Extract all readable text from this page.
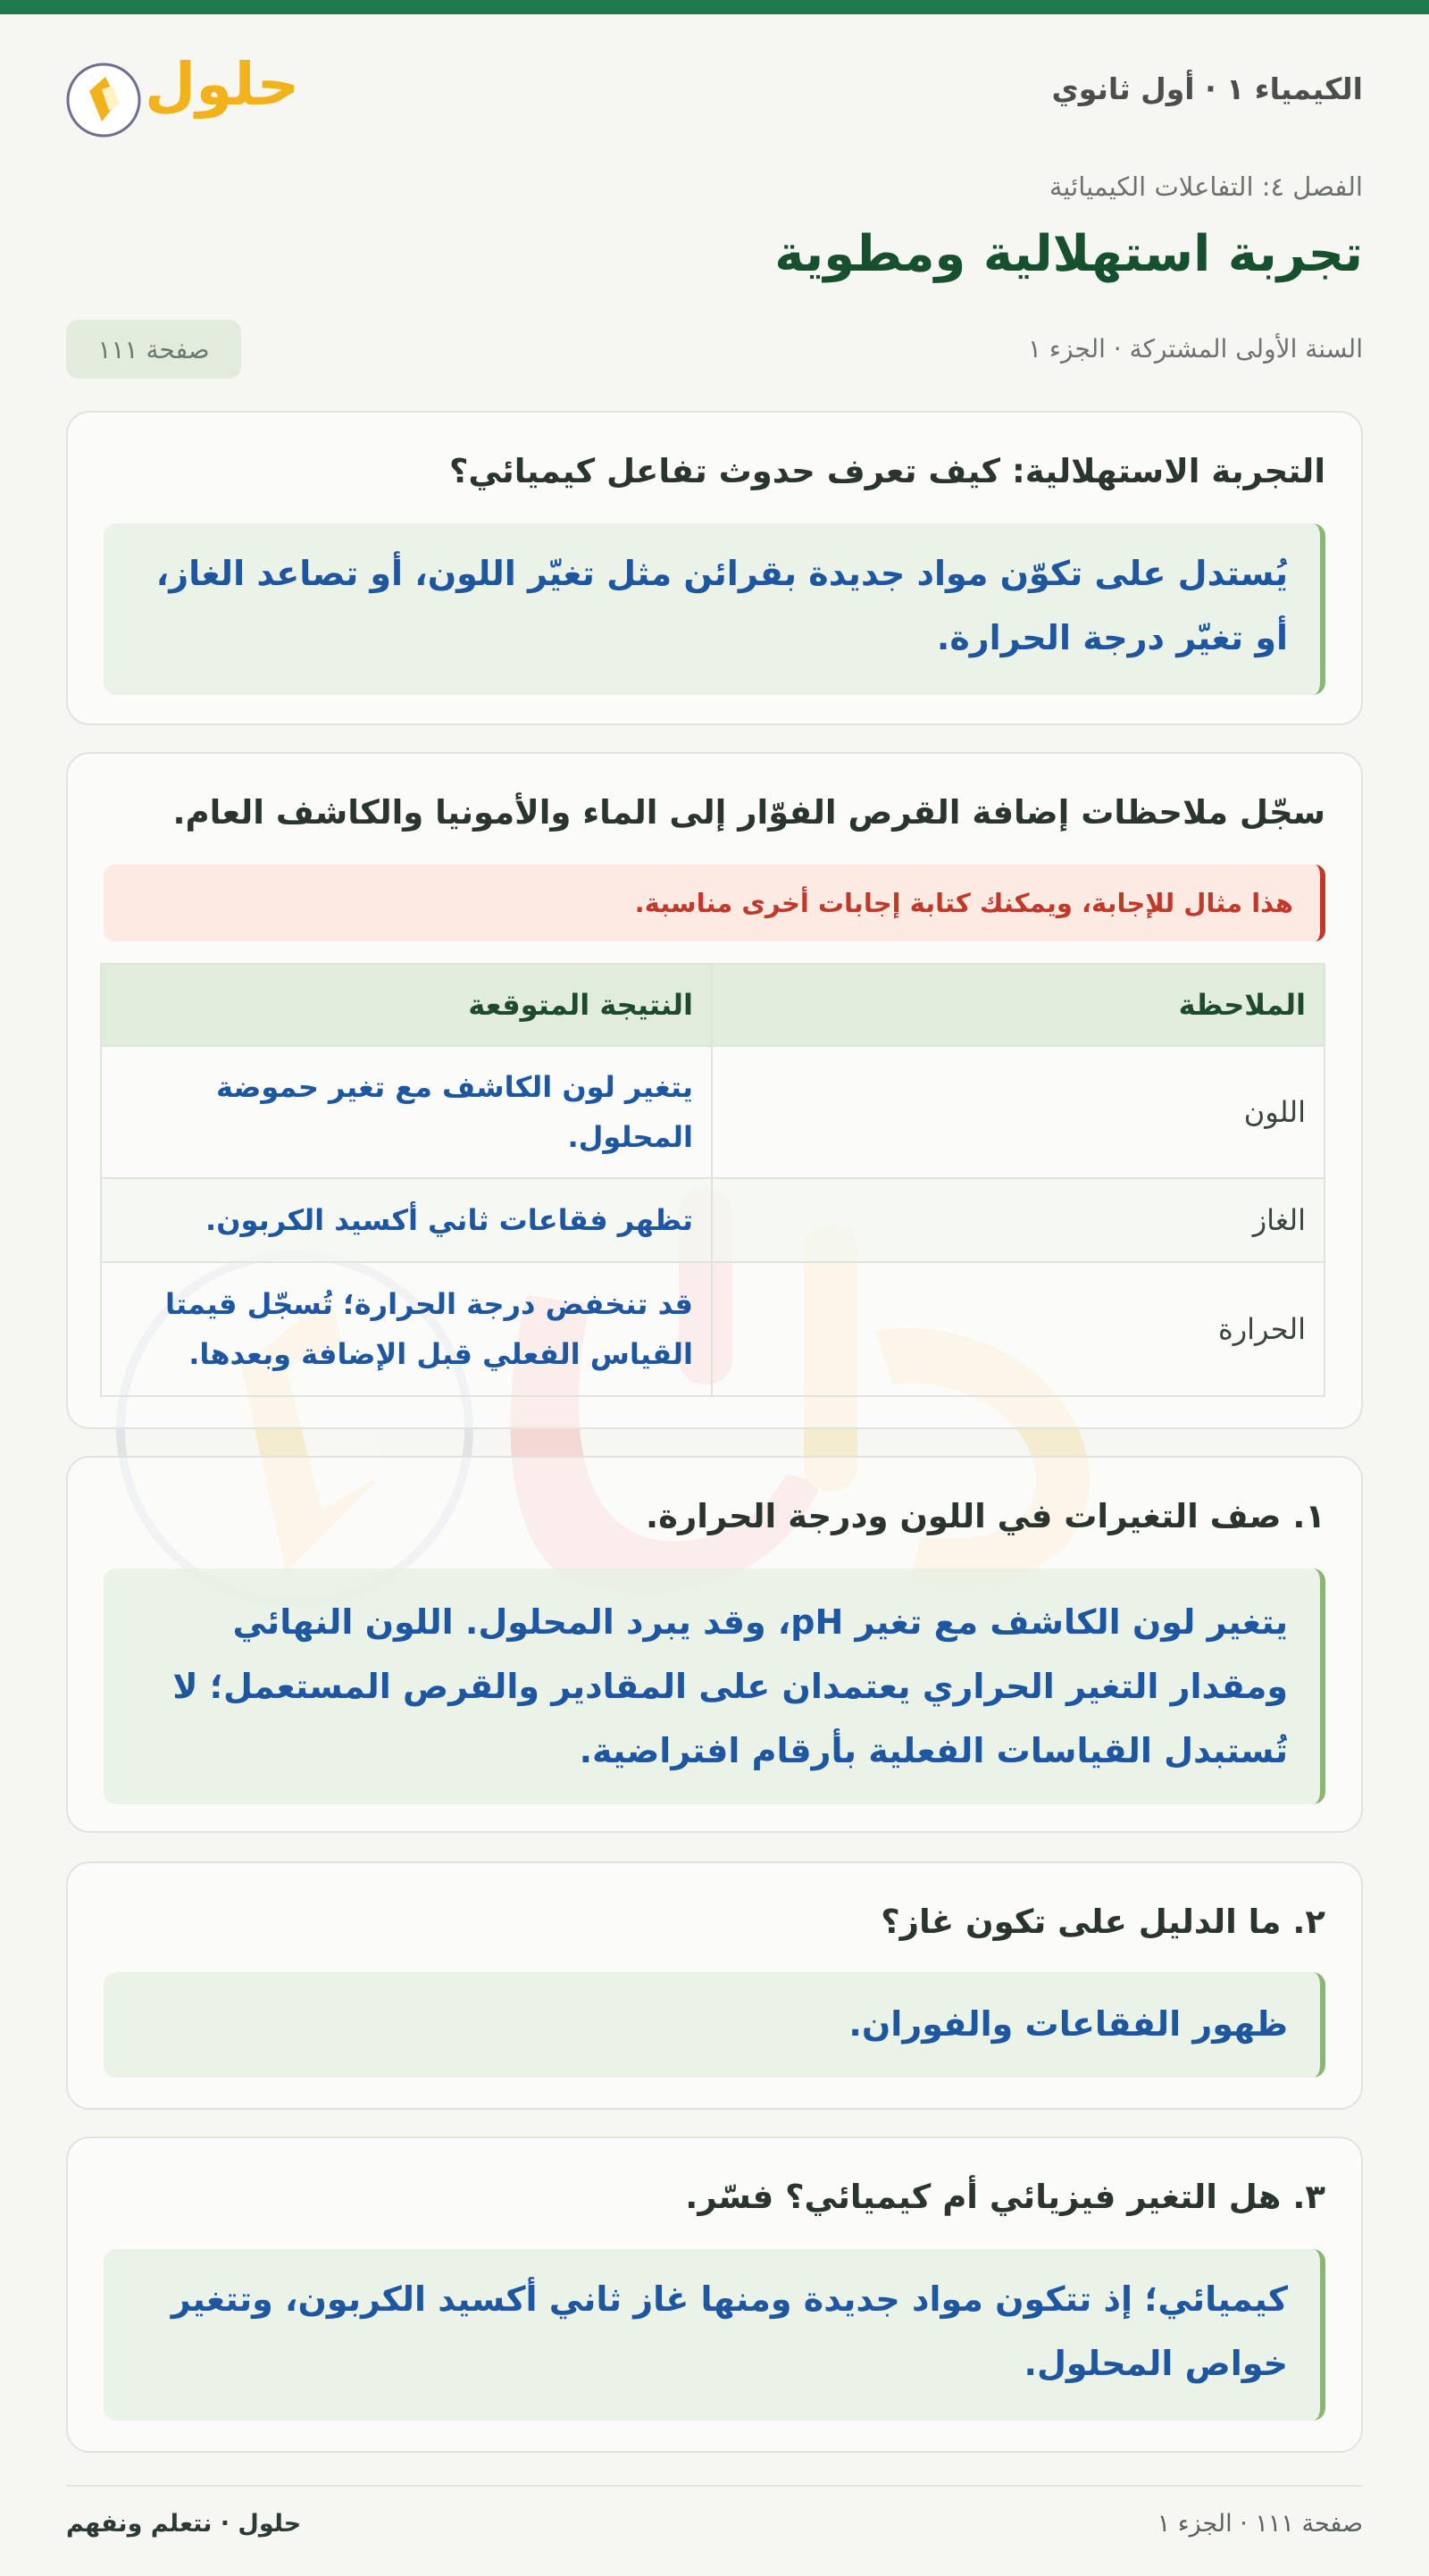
حلول	الكيمياء ١ · أول ثانوي
الفصل ٤: التفاعلات الكيميائية
تجربة استهلالية ومطوية
السنة الأولى المشتركة · الجزء ١
صفحة ١١١
التجربة الاستهلالية: كيف تعرف حدوث تفاعل كيميائي؟
يُستدل على تكوّن مواد جديدة بقرائن مثل تغيّر اللون، أو تصاعد الغاز،
أو تغيّر درجة الحرارة.
سجّل ملاحظات إضافة القرص الفوّار إلى الماء والأمونيا والكاشف العام.
هذا مثال للإجابة، ويمكنك كتابة إجابات أخرى مناسبة.
الملاحظة	النتيجة المتوقعة
اللون	يتغير لون الكاشف مع تغير حموضة
المحلول.

الغاز	تظهر فقاعات ثاني أكسيد الكربون.

الحرارة	قد تنخفض درجة الحرارة؛ تُسجّل قيمتا
القياس الفعلي قبل الإضافة وبعدها.
١. صف التغيرات في اللون ودرجة الحرارة.
يتغير لون الكاشف مع تغير pH، وقد يبرد المحلول. اللون النهائي
ومقدار التغير الحراري يعتمدان على المقادير والقرص المستعمل؛ لا
تُستبدل القياسات الفعلية بأرقام افتراضية.
٢. ما الدليل على تكون غاز؟
ظهور الفقاعات والفوران.
٣. هل التغير فيزيائي أم كيميائي؟ فسّر.
كيميائي؛ إذ تتكون مواد جديدة ومنها غاز ثاني أكسيد الكربون، وتتغير
خواص المحلول.
حلول · نتعلم ونفهم	صفحة ١١١ · الجزء ١
